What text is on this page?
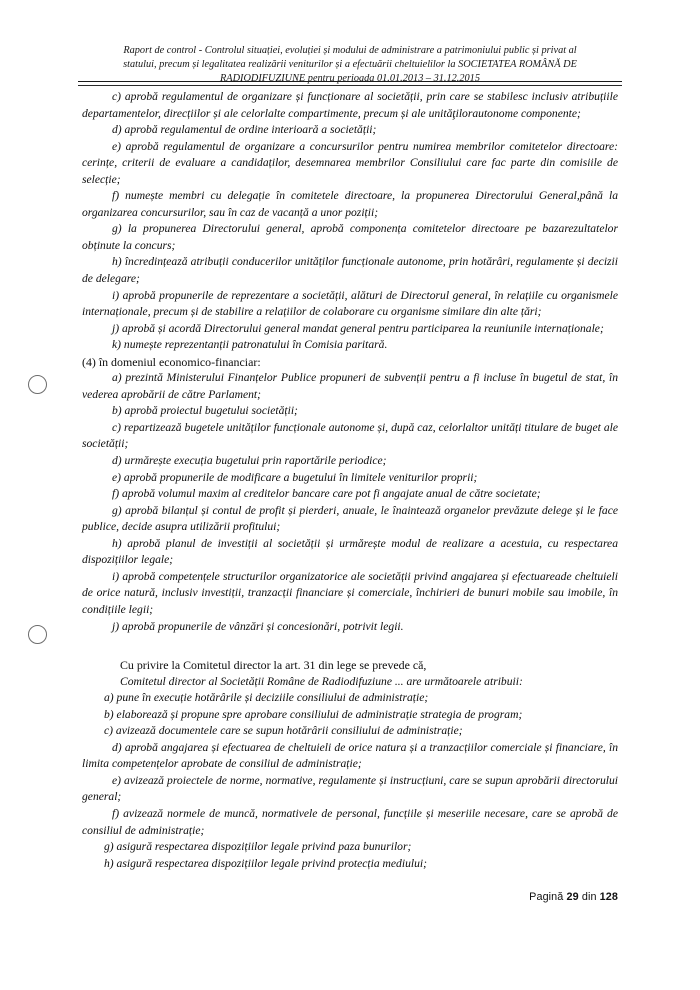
Raport de control - Controlul situației, evoluției și modului de administrare a patrimoniului public și privat al
statului, precum și legalitatea realizării veniturilor și a efectuării cheltuielilor la SOCIETATEA ROMÂNĂ DE
RADIODIFUZIUNE pentru perioada 01.01.2013 – 31.12.2015

c) aprobă regulamentul de organizare și funcționare al societății, prin care se stabilesc inclusiv atribuțiile departamentelor, direcțiilor și ale celorlalte compartimente, precum și ale unităţilorautonome componente;

d) aprobă regulamentul de ordine interioară a societății;

e) aprobă regulamentul de organizare a concursurilor pentru numirea membrilor comitetelor directoare: cerințe, criterii de evaluare a candidaților, desemnarea membrilor Consiliului care fac parte din comisiile de selecție;

f) numește membri cu delegație în comitetele directoare, la propunerea Directorului General,până la organizarea concursurilor, sau în caz de vacanță a unor poziții;

g) la propunerea Directorului general, aprobă componența comitetelor directoare pe bazarezultatelor obținute la concurs;

h) încredințează atribuții conducerilor unităților funcționale autonome, prin hotărâri, regulamente și decizii de delegare;

i) aprobă propunerile de reprezentare a societății, alături de Directorul general, în relațiile cu organismele internaționale, precum și de stabilire a relațiilor de colaborare cu organisme similare din alte țări;

j) aprobă și acordă Directorului general mandat general pentru participarea la reuniunile internaționale;

k) numește reprezentanții patronatului în Comisia paritară.

(4) în domeniul economico-financiar:

a) prezintă Ministerului Finanțelor Publice propuneri de subvenții pentru a fi incluse în bugetul de stat, în vederea aprobării de către Parlament;

b) aprobă proiectul bugetului societății;

c) repartizează bugetele unităților funcționale autonome și, după caz, celorlaltor unități titulare de buget ale societății;

d) urmărește execuția bugetului prin raportările periodice;

e) aprobă propunerile de modificare a bugetului în limitele veniturilor proprii;

f) aprobă volumul maxim al creditelor bancare care pot fi angajate anual de către societate;

g) aprobă bilanțul și contul de profit și pierderi, anuale, le înaintează organelor prevăzute delege și le face publice, decide asupra utilizării profitului;

h) aprobă planul de investiții al societății și urmărește modul de realizare a acestuia, cu respectarea dispozițiilor legale;

i) aprobă competențele structurilor organizatorice ale societății privind angajarea și efectuareade cheltuieli de orice natură, inclusiv investiții, tranzacții financiare și comerciale, închirieri de bunuri mobile sau imobile, în condițiile legii;

j) aprobă propunerile de vânzări și concesionări, potrivit legii.

Cu privire la Comitetul director la art. 31 din lege se prevede că,

Comitetul director al Societății Române de Radiodifuziune ... are următoarele atribuii:

a) pune în execuție hotărârile și deciziile consiliului de administrație;

b) elaborează și propune spre aprobare consiliului de administrație strategia de program;

c) avizează documentele care se supun hotărârii consiliului de administrație;

d) aprobă angajarea și efectuarea de cheltuieli de orice natura și a tranzacțiilor comerciale și financiare, în limita competențelor aprobate de consiliul de administrație;

e) avizează proiectele de norme, normative, regulamente și instrucțiuni, care se supun aprobării directorului general;

f) avizează normele de muncă, normativele de personal, funcțiile și meseriile necesare, care se aprobă de consiliul de administrație;

g) asigură respectarea dispozițiilor legale privind paza bunurilor;

h) asigură respectarea dispozițiilor legale privind protecția mediului;

Pagină 29 din 128
